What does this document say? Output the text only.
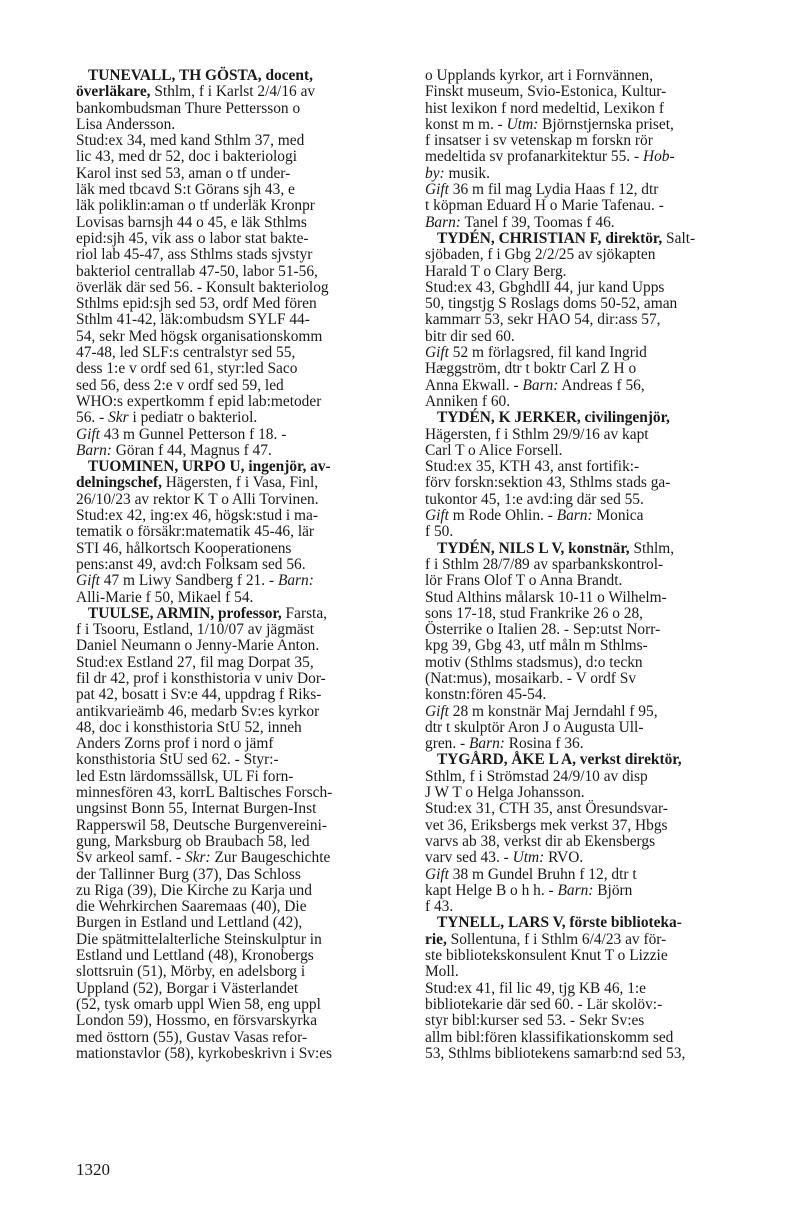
TUNEVALL, TH GÖSTA, docent,
överläkare, Sthlm, f i Karlst 2/4/16 av
bankombudsman Thure Pettersson o
Lisa Andersson.
Stud:ex 34, med kand Sthlm 37, med
lic 43, med dr 52, doc i bakteriologi
Karol inst sed 53, aman o tf under-
läk med tbcavd S:t Görans sjh 43, e
läk poliklin:aman o tf underläk Kronpr
Lovisas barnsjh 44 o 45, e läk Sthlms
epid:sjh 45, vik ass o labor stat bakte-
riol lab 45-47, ass Sthlms stads sjvstyr
bakteriol centrallab 47-50, labor 51-56,
överläk där sed 56. - Konsult bakteriolog
Sthlms epid:sjh sed 53, ordf Med fören
Sthlm 41-42, läk:ombudsm SYLF 44-
54, sekr Med högsk organisationskomm
47-48, led SLF:s centralstyr sed 55,
dess 1:e v ordf sed 61, styr:led Saco
sed 56, dess 2:e v ordf sed 59, led
WHO:s expertkomm f epid lab:metoder
56. - Skr i pediatr o bakteriol.
Gift 43 m Gunnel Petterson f 18. -
Barn: Göran f 44, Magnus f 47.
TUOMINEN, URPO U, ingenjör, av-
delningschef, Hägersten, f i Vasa, Finl,
26/10/23 av rektor K T o Alli Torvinen.
Stud:ex 42, ing:ex 46, högsk:stud i ma-
tematik o försäkr:matematik 45-46, lär
STI 46, hålkortsch Kooperationens
pens:anst 49, avd:ch Folksam sed 56.
Gift 47 m Liwy Sandberg f 21. - Barn:
Alli-Marie f 50, Mikael f 54.
TUULSE, ARMIN, professor, Farsta,
f i Tsooru, Estland, 1/10/07 av jägmäst
Daniel Neumann o Jenny-Marie Anton.
Stud:ex Estland 27, fil mag Dorpat 35,
fil dr 42, prof i konsthistoria v univ Dor-
pat 42, bosatt i Sv:e 44, uppdrag f Riks-
antikvarieämb 46, medarb Sv:es kyrkor
48, doc i konsthistoria StU 52, inneh
Anders Zorns prof i nord o jämf
konsthistoria StU sed 62. - Styr:-
led Estn lärdomssällsk, UL Fi forn-
minnesfören 43, korrL Baltisches Forsch-
ungsinst Bonn 55, Internat Burgen-Inst
Rapperswil 58, Deutsche Burgenvereini-
gung, Marksburg ob Braubach 58, led
Sv arkeol samf. - Skr: Zur Baugeschichte
der Tallinner Burg (37), Das Schloss
zu Riga (39), Die Kirche zu Karja und
die Wehrkirchen Saaremaas (40), Die
Burgen in Estland und Lettland (42),
Die spätmittelalterliche Steinskulptur in
Estland und Lettland (48), Kronobergs
slottsruin (51), Mörby, en adelsborg i
Uppland (52), Borgar i Västerlandet
(52, tysk omarb uppl Wien 58, eng uppl
London 59), Hossmo, en försvarskyrka
med östtorn (55), Gustav Vasas refor-
mationstavlor (58), kyrkobeskrivn i Sv:es
o Upplands kyrkor, art i Fornvännen,
Finskt museum, Svio-Estonica, Kultur-
hist lexikon f nord medeltid, Lexikon f
konst m m. - Utm: Björnstjernska priset,
f insatser i sv vetenskap m forskn rör
medeltida sv profanarkitektur 55. - Hob-
by: musik.
Gift 36 m fil mag Lydia Haas f 12, dtr
t köpman Eduard H o Marie Tafenau. -
Barn: Tanel f 39, Toomas f 46.
TYDÉN, CHRISTIAN F, direktör, Salt-
sjöbaden, f i Gbg 2/2/25 av sjökapten
Harald T o Clary Berg.
Stud:ex 43, GbghdlI 44, jur kand Upps
50, tingstjg S Roslags doms 50-52, aman
kammarr 53, sekr HAO 54, dir:ass 57,
bitr dir sed 60.
Gift 52 m förlagsred, fil kand Ingrid
Hæggström, dtr t boktr Carl Z H o
Anna Ekwall. - Barn: Andreas f 56,
Anniken f 60.
TYDÉN, K JERKER, civilingenjör,
Hägersten, f i Sthlm 29/9/16 av kapt
Carl T o Alice Forsell.
Stud:ex 35, KTH 43, anst fortifik:-
förv forskn:sektion 43, Sthlms stads ga-
tukontor 45, 1:e avd:ing där sed 55.
Gift m Rode Ohlin. - Barn: Monica
f 50.
TYDÉN, NILS L V, konstnär, Sthlm,
f i Sthlm 28/7/89 av sparbankskontrol-
lör Frans Olof T o Anna Brandt.
Stud Althins målarsk 10-11 o Wilhelm-
sons 17-18, stud Frankrike 26 o 28,
Österrike o Italien 28. - Sep:utst Norr-
kpg 39, Gbg 43, utf måln m Sthlms-
motiv (Sthlms stadsmus), d:o teckn
(Nat:mus), mosaikarb. - V ordf Sv
konstn:fören 45-54.
Gift 28 m konstnär Maj Jerndahl f 95,
dtr t skulptör Aron J o Augusta Ull-
gren. - Barn: Rosina f 36.
TYGÅRD, ÅKE L A, verkst direktör,
Sthlm, f i Strömstad 24/9/10 av disp
J W T o Helga Johansson.
Stud:ex 31, CTH 35, anst Öresundsvar-
vet 36, Eriksbergs mek verkst 37, Hbgs
varvs ab 38, verkst dir ab Ekensbergs
varv sed 43. - Utm: RVO.
Gift 38 m Gundel Bruhn f 12, dtr t
kapt Helge B o h h. - Barn: Björn
f 43.
TYNELL, LARS V, förste biblioteka-
rie, Sollentuna, f i Sthlm 6/4/23 av för-
ste bibliotekskonsulent Knut T o Lizzie
Moll.
Stud:ex 41, fil lic 49, tjg KB 46, 1:e
bibliotekarie där sed 60. - Lär skolöv:-
styr bibl:kurser sed 53. - Sekr Sv:es
allm bibl:fören klassifikationskomm sed
53, Sthlms bibliotekens samarb:nd sed 53,
1320
